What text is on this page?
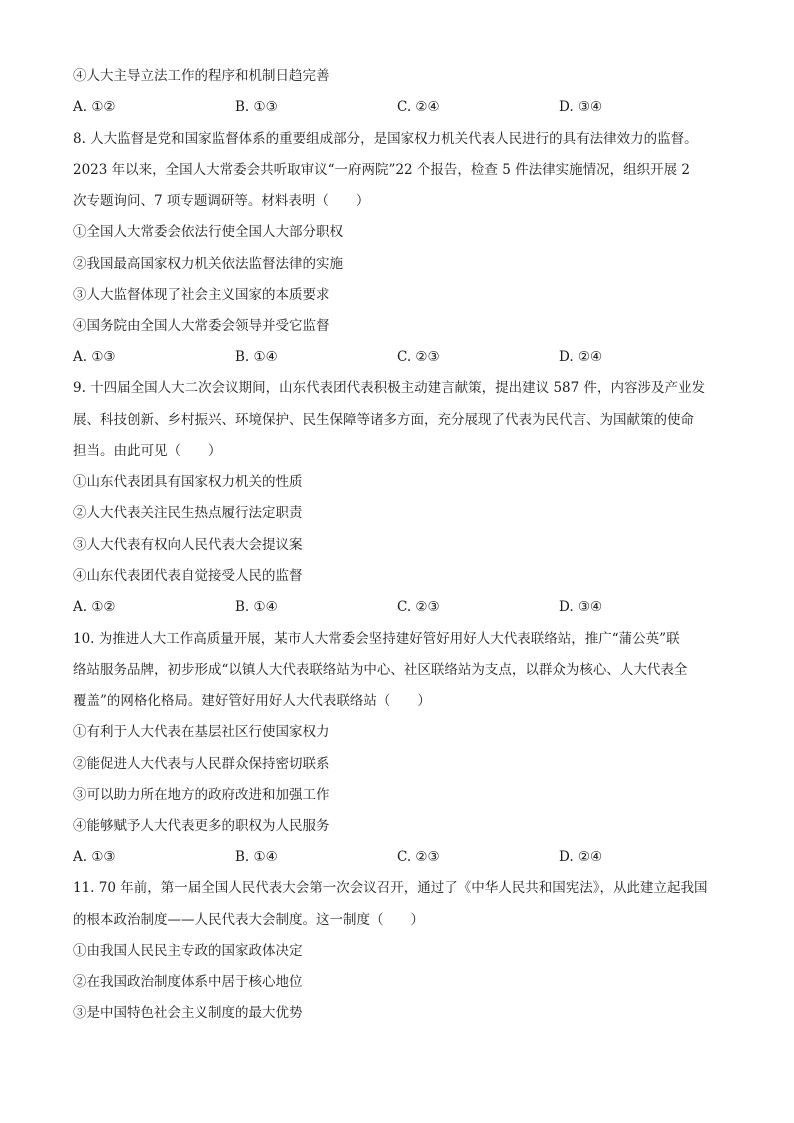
④人大主导立法工作的程序和机制日趋完善
A. ①②	B. ①③	C. ②④	D. ③④
8. 人大监督是党和国家监督体系的重要组成部分，是国家权力机关代表人民进行的具有法律效力的监督。
2023 年以来，全国人大常委会共听取审议“一府两院”22 个报告，检查 5 件法律实施情况，组织开展 2
次专题询问、7 项专题调研等。材料表明（　　）
①全国人大常委会依法行使全国人大部分职权
②我国最高国家权力机关依法监督法律的实施
③人大监督体现了社会主义国家的本质要求
④国务院由全国人大常委会领导并受它监督
A. ①③	B. ①④	C. ②③	D. ②④
9. 十四届全国人大二次会议期间，山东代表团代表积极主动建言献策，提出建议 587 件，内容涉及产业发
展、科技创新、乡村振兴、环境保护、民生保障等诸多方面，充分展现了代表为民代言、为国献策的使命
担当。由此可见（　　）
①山东代表团具有国家权力机关的性质
②人大代表关注民生热点履行法定职责
③人大代表有权向人民代表大会提议案
④山东代表团代表自觉接受人民的监督
A. ①②	B. ①④	C. ②③	D. ③④
10. 为推进人大工作高质量开展，某市人大常委会坚持建好管好用好人大代表联络站，推广“蒲公英”联
络站服务品牌，初步形成“以镇人大代表联络站为中心、社区联络站为支点，以群众为核心、人大代表全
覆盖”的网格化格局。建好管好用好人大代表联络站（　　）
①有利于人大代表在基层社区行使国家权力
②能促进人大代表与人民群众保持密切联系
③可以助力所在地方的政府改进和加强工作
④能够赋予人大代表更多的职权为人民服务
A. ①③	B. ①④	C. ②③	D. ②④
11. 70 年前，第一届全国人民代表大会第一次会议召开，通过了《中华人民共和国宪法》，从此建立起我国
的根本政治制度——人民代表大会制度。这一制度（　　）
①由我国人民民主专政的国家政体决定
②在我国政治制度体系中居于核心地位
③是中国特色社会主义制度的最大优势
